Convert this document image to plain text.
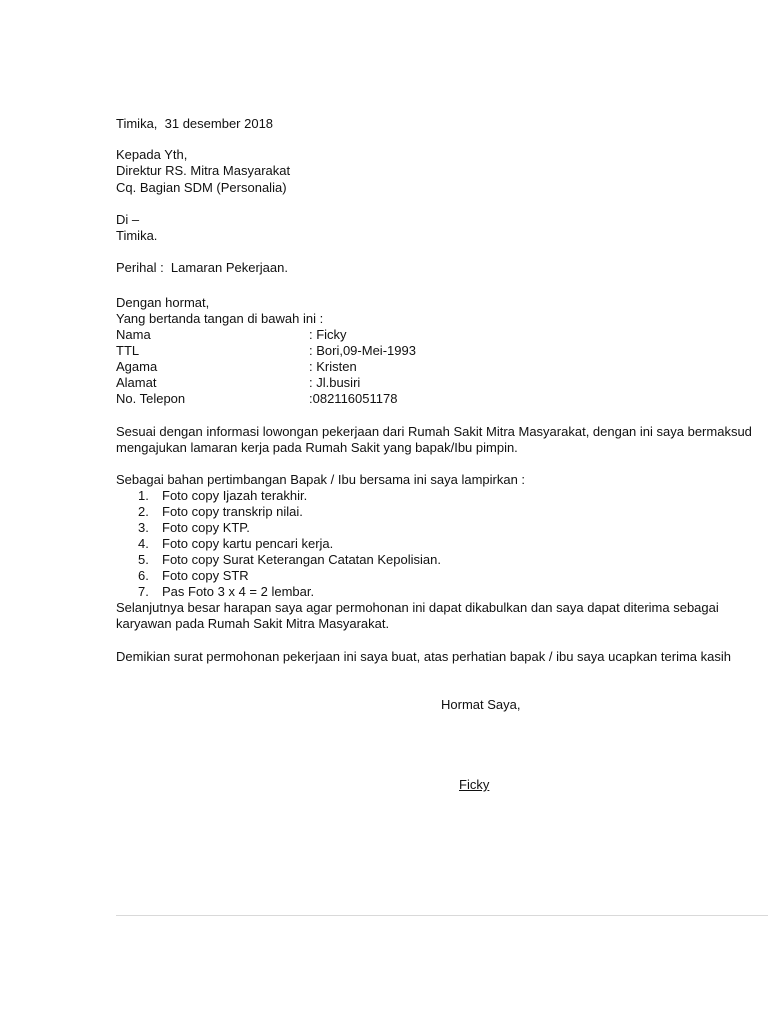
Timika,  31 desember 2018
Kepada Yth,
Direktur RS. Mitra Masyarakat
Cq. Bagian SDM (Personalia)
Di –
Timika.
Perihal :  Lamaran Pekerjaan.
Dengan hormat,
Yang bertanda tangan di bawah ini :
Nama	: Ficky
TTL	: Bori,09-Mei-1993
Agama	: Kristen
Alamat	: Jl.busiri
No. Telepon	:082116051178
Sesuai dengan informasi lowongan pekerjaan dari Rumah Sakit Mitra Masyarakat, dengan ini saya bermaksud
mengajukan lamaran kerja pada Rumah Sakit yang bapak/Ibu pimpin.
Sebagai bahan pertimbangan Bapak / Ibu bersama ini saya lampirkan :
1. Foto copy Ijazah terakhir.
2. Foto copy transkrip nilai.
3. Foto copy KTP.
4. Foto copy kartu pencari kerja.
5. Foto copy Surat Keterangan Catatan Kepolisian.
6. Foto copy STR
7. Pas Foto 3 x 4 = 2 lembar.
Selanjutnya besar harapan saya agar permohonan ini dapat dikabulkan dan saya dapat diterima sebagai
karyawan pada Rumah Sakit Mitra Masyarakat.
Demikian surat permohonan pekerjaan ini saya buat, atas perhatian bapak / ibu saya ucapkan terima kasih
Hormat Saya,
Ficky
